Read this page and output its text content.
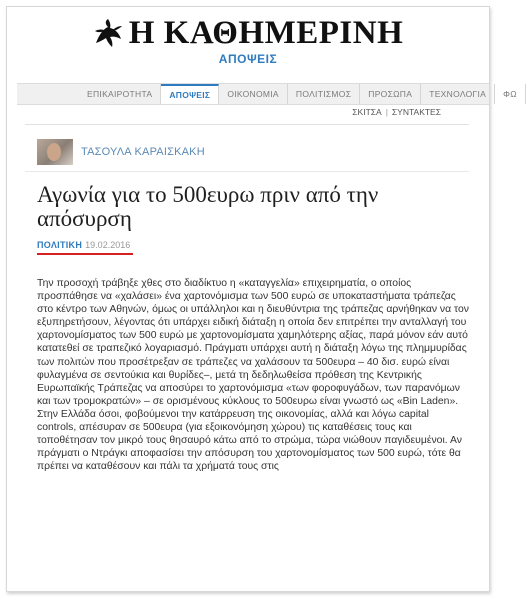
Η ΚΑΘΗΜΕΡΙΝΗ
ΑΠΟΨΕΙΣ
ΕΠΙΚΑΙΡΟΤΗΤΑ	ΑΠΟΨΕΙΣ	ΟΙΚΟΝΟΜΙΑ	ΠΟΛΙΤΙΣΜΟΣ	ΠΡΟΣΩΠΑ	ΤΕΧΝΟΛΟΓΙΑ	ΦΩ
ΣΚΙΤΣΑ | ΣΥΝΤΑΚΤΕΣ
ΤΑΣΟΥΛΑ ΚΑΡΑΙΣΚΑΚΗ
Αγωνία για το 500ευρω πριν από την απόσυρση
ΠΟΛΙΤΙΚΗ 19.02.2016
Την προσοχή τράβηξε χθες στο διαδίκτυο η «καταγγελία» επιχειρηματία, ο οποίος προσπάθησε να «χαλάσει» ένα χαρτονόμισμα των 500 ευρώ σε υποκαταστήματα τράπεζας στο κέντρο των Αθηνών, όμως οι υπάλληλοι και η διευθύντρια της τράπεζας αρνήθηκαν να τον εξυπηρετήσουν, λέγοντας ότι υπάρχει ειδική διάταξη η οποία δεν επιτρέπει την ανταλλαγή του χαρτονομίσματος των 500 ευρώ με χαρτονομίσματα χαμηλότερης αξίας, παρά μόνον εάν αυτό κατατεθεί σε τραπεζικό λογαριασμό. Πράγματι υπάρχει αυτή η διάταξη λόγω της πλημμυρίδας των πολιτών που προσέτρεξαν σε τράπεζες να χαλάσουν τα 500ευρα – 40 δισ. ευρώ είναι φυλαγμένα σε σεντούκια και θυρίδες–, μετά τη δεδηλωθείσα πρόθεση της Κεντρικής Ευρωπαϊκής Τράπεζας να αποσύρει το χαρτονόμισμα «των φοροφυγάδων, των παρανόμων και των τρομοκρατών» – σε ορισμένους κύκλους το 500ευρω είναι γνωστό ως «Bin Laden». Στην Ελλάδα όσοι, φοβούμενοι την κατάρρευση της οικονομίας, αλλά και λόγω capital controls, απέσυραν σε 500ευρα (για εξοικονόμηση χώρου) τις καταθέσεις τους και τοποθέτησαν τον μικρό τους θησαυρό κάτω από το στρώμα, τώρα νιώθουν παγιδευμένοι. Αν πράγματι ο Ντράγκι αποφασίσει την απόσυρση του χαρτονομίσματος των 500 ευρώ, τότε θα πρέπει να καταθέσουν και πάλι τα χρήματά τους στις
